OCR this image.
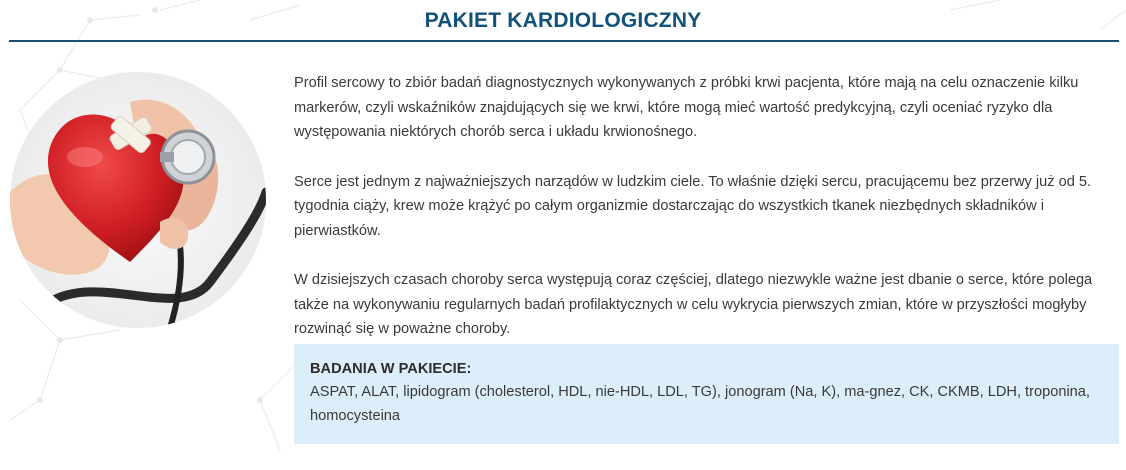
PAKIET KARDIOLOGICZNY

Profil sercowy to zbiór badań diagnostycznych wykonywanych z próbki krwi pacjenta, które mają na celu oznaczenie kilku markerów, czyli wskaźników znajdujących się we krwi, które mogą mieć wartość predykcyjną, czyli oceniać ryzyko dla występowania niektórych chorób serca i układu krwionośnego.

Serce jest jednym z najważniejszych narządów w ludzkim ciele. To właśnie dzięki sercu, pracującemu bez przerwy już od 5. tygodnia ciąży, krew może krążyć po całym organizmie dostarczając do wszystkich tkanek niezbędnych składników i pierwiastków.

W dzisiejszych czasach choroby serca występują coraz częściej, dlatego niezwykle ważne jest dbanie o serce, które polega także na wykonywaniu regularnych badań profilaktycznych w celu wykrycia pierwszych zmian, które w przyszłości mogłyby rozwinąć się w poważne choroby.

BADANIA W PAKIECIE:
ASPAT, ALAT, lipidogram (cholesterol, HDL, nie-HDL, LDL, TG), jonogram (Na, K), ma-gnez, CK, CKMB, LDH, troponina, homocysteina
